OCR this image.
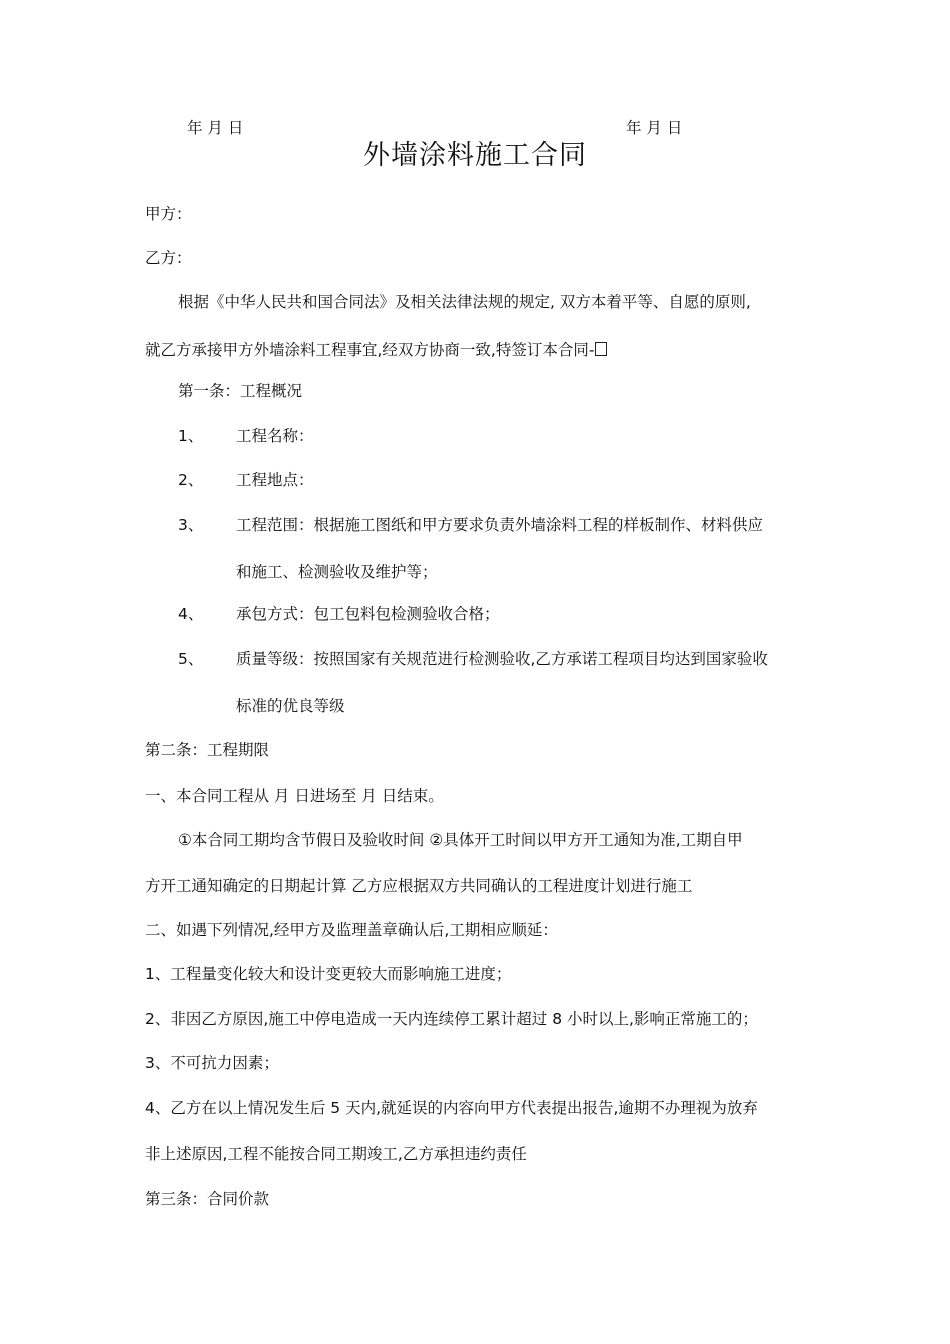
年 月 日	年 月 日
外墙涂料施工合同
甲方：
乙方：
根据《中华人民共和国合同法》及相关法律法规的规定, 双方本着平等、自愿的原则,
就乙方承接甲方外墙涂料工程事宜,经双方协商一致,特签订本合同-
第一条：工程概况
1、 工程名称：
2、 工程地点：
3、 工程范围：根据施工图纸和甲方要求负责外墙涂料工程的样板制作、材料供应
和施工、检测验收及维护等；
4、 承包方式：包工包料包检测验收合格；
5、 质量等级：按照国家有关规范进行检测验收,乙方承诺工程项目均达到国家验收
标准的优良等级
第二条：工程期限
一、本合同工程从 月 日进场至 月 日结束。
①本合同工期均含节假日及验收时间 ②具体开工时间以甲方开工通知为准,工期自甲
方开工通知确定的日期起计算 乙方应根据双方共同确认的工程进度计划进行施工
二、如遇下列情况,经甲方及监理盖章确认后,工期相应顺延：
1、工程量变化较大和设计变更较大而影响施工进度；
2、非因乙方原因,施工中停电造成一天内连续停工累计超过 8 小时以上,影响正常施工的；
3、不可抗力因素；
4、乙方在以上情况发生后 5 天内,就延误的内容向甲方代表提出报告,逾期不办理视为放弃
非上述原因,工程不能按合同工期竣工,乙方承担违约责任
第三条：合同价款
